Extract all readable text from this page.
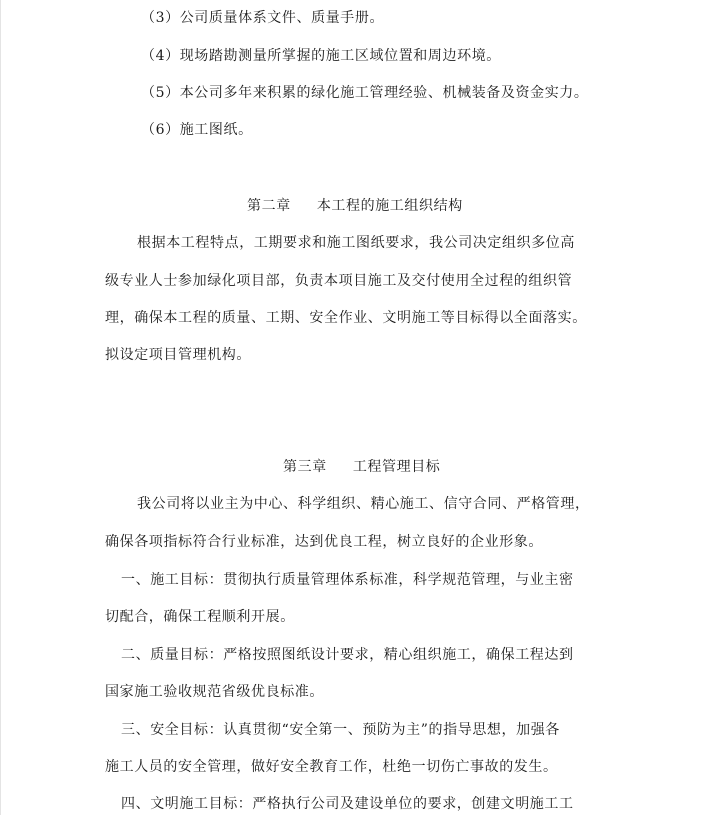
（3）公司质量体系文件、质量手册。
（4）现场踏勘测量所掌握的施工区域位置和周边环境。
（5）本公司多年来积累的绿化施工管理经验、机械装备及资金实力。
（6）施工图纸。
第二章 本工程的施工组织结构
根据本工程特点，工期要求和施工图纸要求，我公司决定组织多位高
级专业人士参加绿化项目部，负责本项目施工及交付使用全过程的组织管
理，确保本工程的质量、工期、安全作业、文明施工等目标得以全面落实。
拟设定项目管理机构。
第三章 工程管理目标
我公司将以业主为中心、科学组织、精心施工、信守合同、严格管理，
确保各项指标符合行业标准，达到优良工程，树立良好的企业形象。
一、施工目标：贯彻执行质量管理体系标准，科学规范管理，与业主密
切配合，确保工程顺利开展。
二、质量目标：严格按照图纸设计要求，精心组织施工，确保工程达到
国家施工验收规范省级优良标准。
三、安全目标：认真贯彻“安全第一、预防为主”的指导思想，加强各
施工人员的安全管理，做好安全教育工作，杜绝一切伤亡事故的发生。
四、文明施工目标：严格执行公司及建设单位的要求，创建文明施工工
